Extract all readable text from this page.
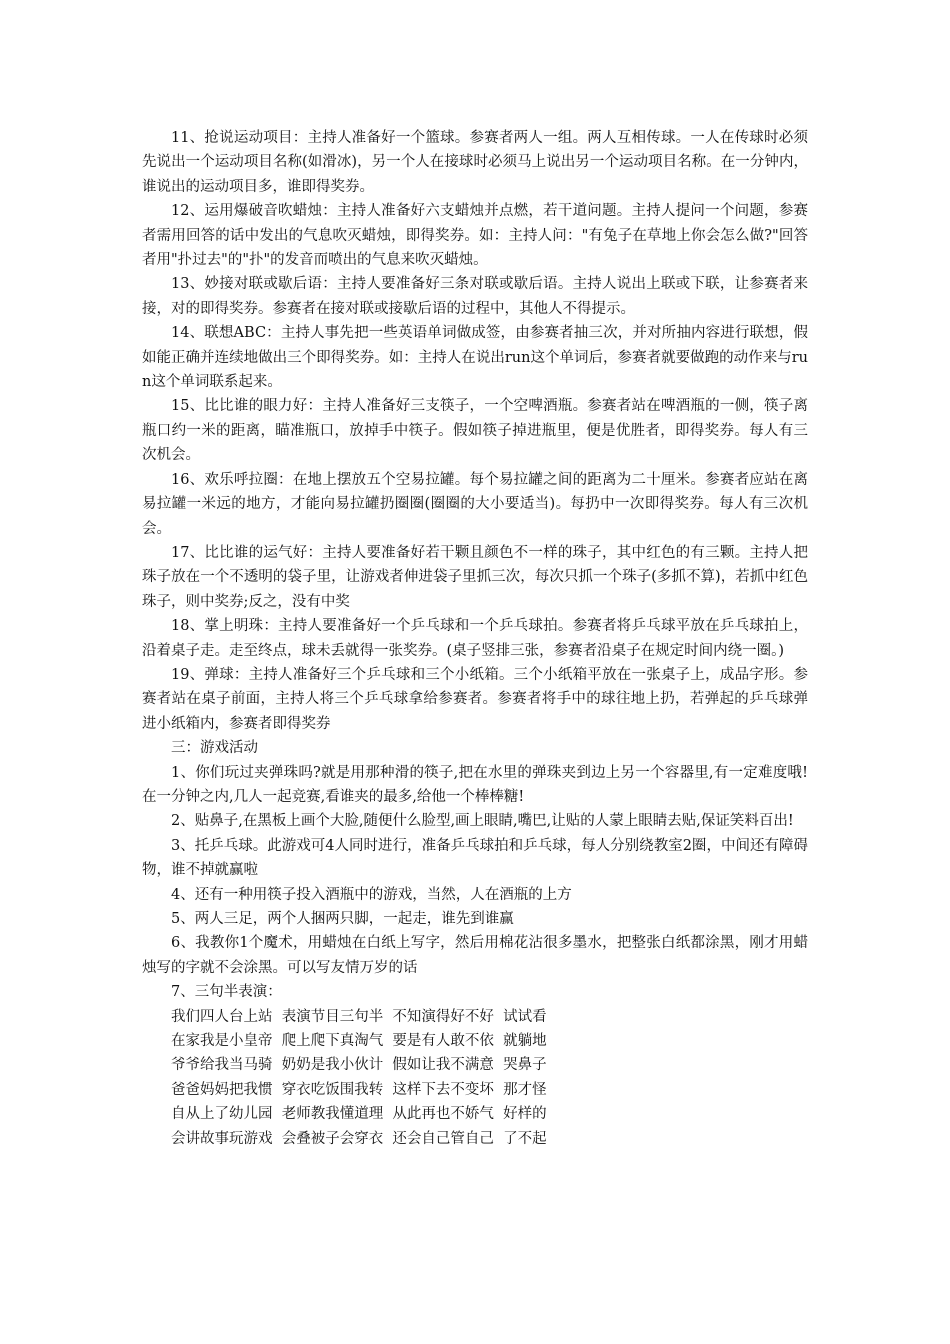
11、抢说运动项目：主持人准备好一个篮球。参赛者两人一组。两人互相传球。一人在传球时必须先说出一个运动项目名称(如滑冰)，另一个人在接球时必须马上说出另一个运动项目名称。在一分钟内，谁说出的运动项目多，谁即得奖券。

12、运用爆破音吹蜡烛：主持人准备好六支蜡烛并点燃，若干道问题。主持人提问一个问题，参赛者需用回答的话中发出的气息吹灭蜡烛，即得奖券。如：主持人问："有兔子在草地上你会怎么做?"回答者用"扑过去"的"扑"的发音而喷出的气息来吹灭蜡烛。

13、妙接对联或歇后语：主持人要准备好三条对联或歇后语。主持人说出上联或下联，让参赛者来接，对的即得奖券。参赛者在接对联或接歇后语的过程中，其他人不得提示。

14、联想ABC：主持人事先把一些英语单词做成签，由参赛者抽三次，并对所抽内容进行联想，假如能正确并连续地做出三个即得奖券。如：主持人在说出run这个单词后，参赛者就要做跑的动作来与run这个单词联系起来。

15、比比谁的眼力好：主持人准备好三支筷子，一个空啤酒瓶。参赛者站在啤酒瓶的一侧，筷子离瓶口约一米的距离，瞄准瓶口，放掉手中筷子。假如筷子掉进瓶里，便是优胜者，即得奖券。每人有三次机会。

16、欢乐呼拉圈：在地上摆放五个空易拉罐。每个易拉罐之间的距离为二十厘米。参赛者应站在离易拉罐一米远的地方，才能向易拉罐扔圈圈(圈圈的大小要适当)。每扔中一次即得奖券。每人有三次机会。

17、比比谁的运气好：主持人要准备好若干颗且颜色不一样的珠子，其中红色的有三颗。主持人把珠子放在一个不透明的袋子里，让游戏者伸进袋子里抓三次，每次只抓一个珠子(多抓不算)，若抓中红色珠子，则中奖券;反之，没有中奖

18、掌上明珠：主持人要准备好一个乒乓球和一个乒乓球拍。参赛者将乒乓球平放在乒乓球拍上，沿着桌子走。走至终点，球未丢就得一张奖券。(桌子竖排三张，参赛者沿桌子在规定时间内绕一圈。)

19、弹球：主持人准备好三个乒乓球和三个小纸箱。三个小纸箱平放在一张桌子上，成品字形。参赛者站在桌子前面，主持人将三个乒乓球拿给参赛者。参赛者将手中的球往地上扔，若弹起的乒乓球弹进小纸箱内，参赛者即得奖券

三：游戏活动

1、你们玩过夹弹珠吗?就是用那种滑的筷子,把在水里的弹珠夹到边上另一个容器里,有一定难度哦!在一分钟之内,几人一起竞赛,看谁夹的最多,给他一个棒棒糖!

2、贴鼻子,在黑板上画个大脸,随便什么脸型,画上眼睛,嘴巴,让贴的人蒙上眼睛去贴,保证笑料百出!

3、托乒乓球。此游戏可4人同时进行，准备乒乓球拍和乒乓球，每人分别绕教室2圈，中间还有障碍物，谁不掉就赢啦

4、还有一种用筷子投入酒瓶中的游戏，当然，人在酒瓶的上方

5、两人三足，两个人捆两只脚，一起走，谁先到谁赢

6、我教你1个魔术，用蜡烛在白纸上写字，然后用棉花沾很多墨水，把整张白纸都涂黑，刚才用蜡烛写的字就不会涂黑。可以写友情万岁的话

7、三句半表演：

我们四人台上站  表演节目三句半  不知演得好不好  试试看

在家我是小皇帝  爬上爬下真淘气  要是有人敢不依  就躺地

爷爷给我当马骑  奶奶是我小伙计  假如让我不满意  哭鼻子

爸爸妈妈把我惯  穿衣吃饭围我转  这样下去不变坏  那才怪

自从上了幼儿园  老师教我懂道理  从此再也不娇气  好样的

会讲故事玩游戏  会叠被子会穿衣  还会自己管自己  了不起
